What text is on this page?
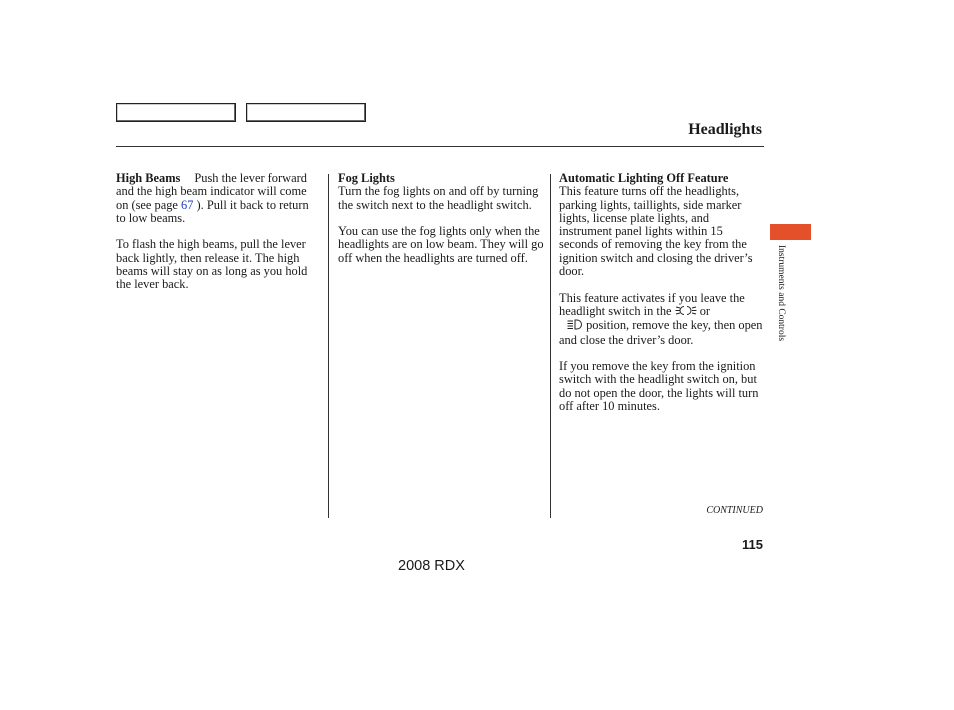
Headlights

High Beams Push the lever forward and the high beam indicator will come on (see page 67 ). Pull it back to return to low beams.

To flash the high beams, pull the lever back lightly, then release it. The high beams will stay on as long as you hold the lever back.

Fog Lights

Turn the fog lights on and off by turning the switch next to the headlight switch.

You can use the fog lights only when the headlights are on low beam. They will go off when the headlights are turned off.

Automatic Lighting Off Feature

This feature turns off the headlights, parking lights, taillights, side marker lights, license plate lights, and instrument panel lights within 15 seconds of removing the key from the ignition switch and closing the driver’s door.

This feature activates if you leave the headlight switch in the  or
position, remove the key, then open and close the driver’s door.

If you remove the key from the ignition switch with the headlight switch on, but do not open the door, the lights will turn off after 10 minutes.

CONTINUED
115
2008 RDX
Instruments and Controls
